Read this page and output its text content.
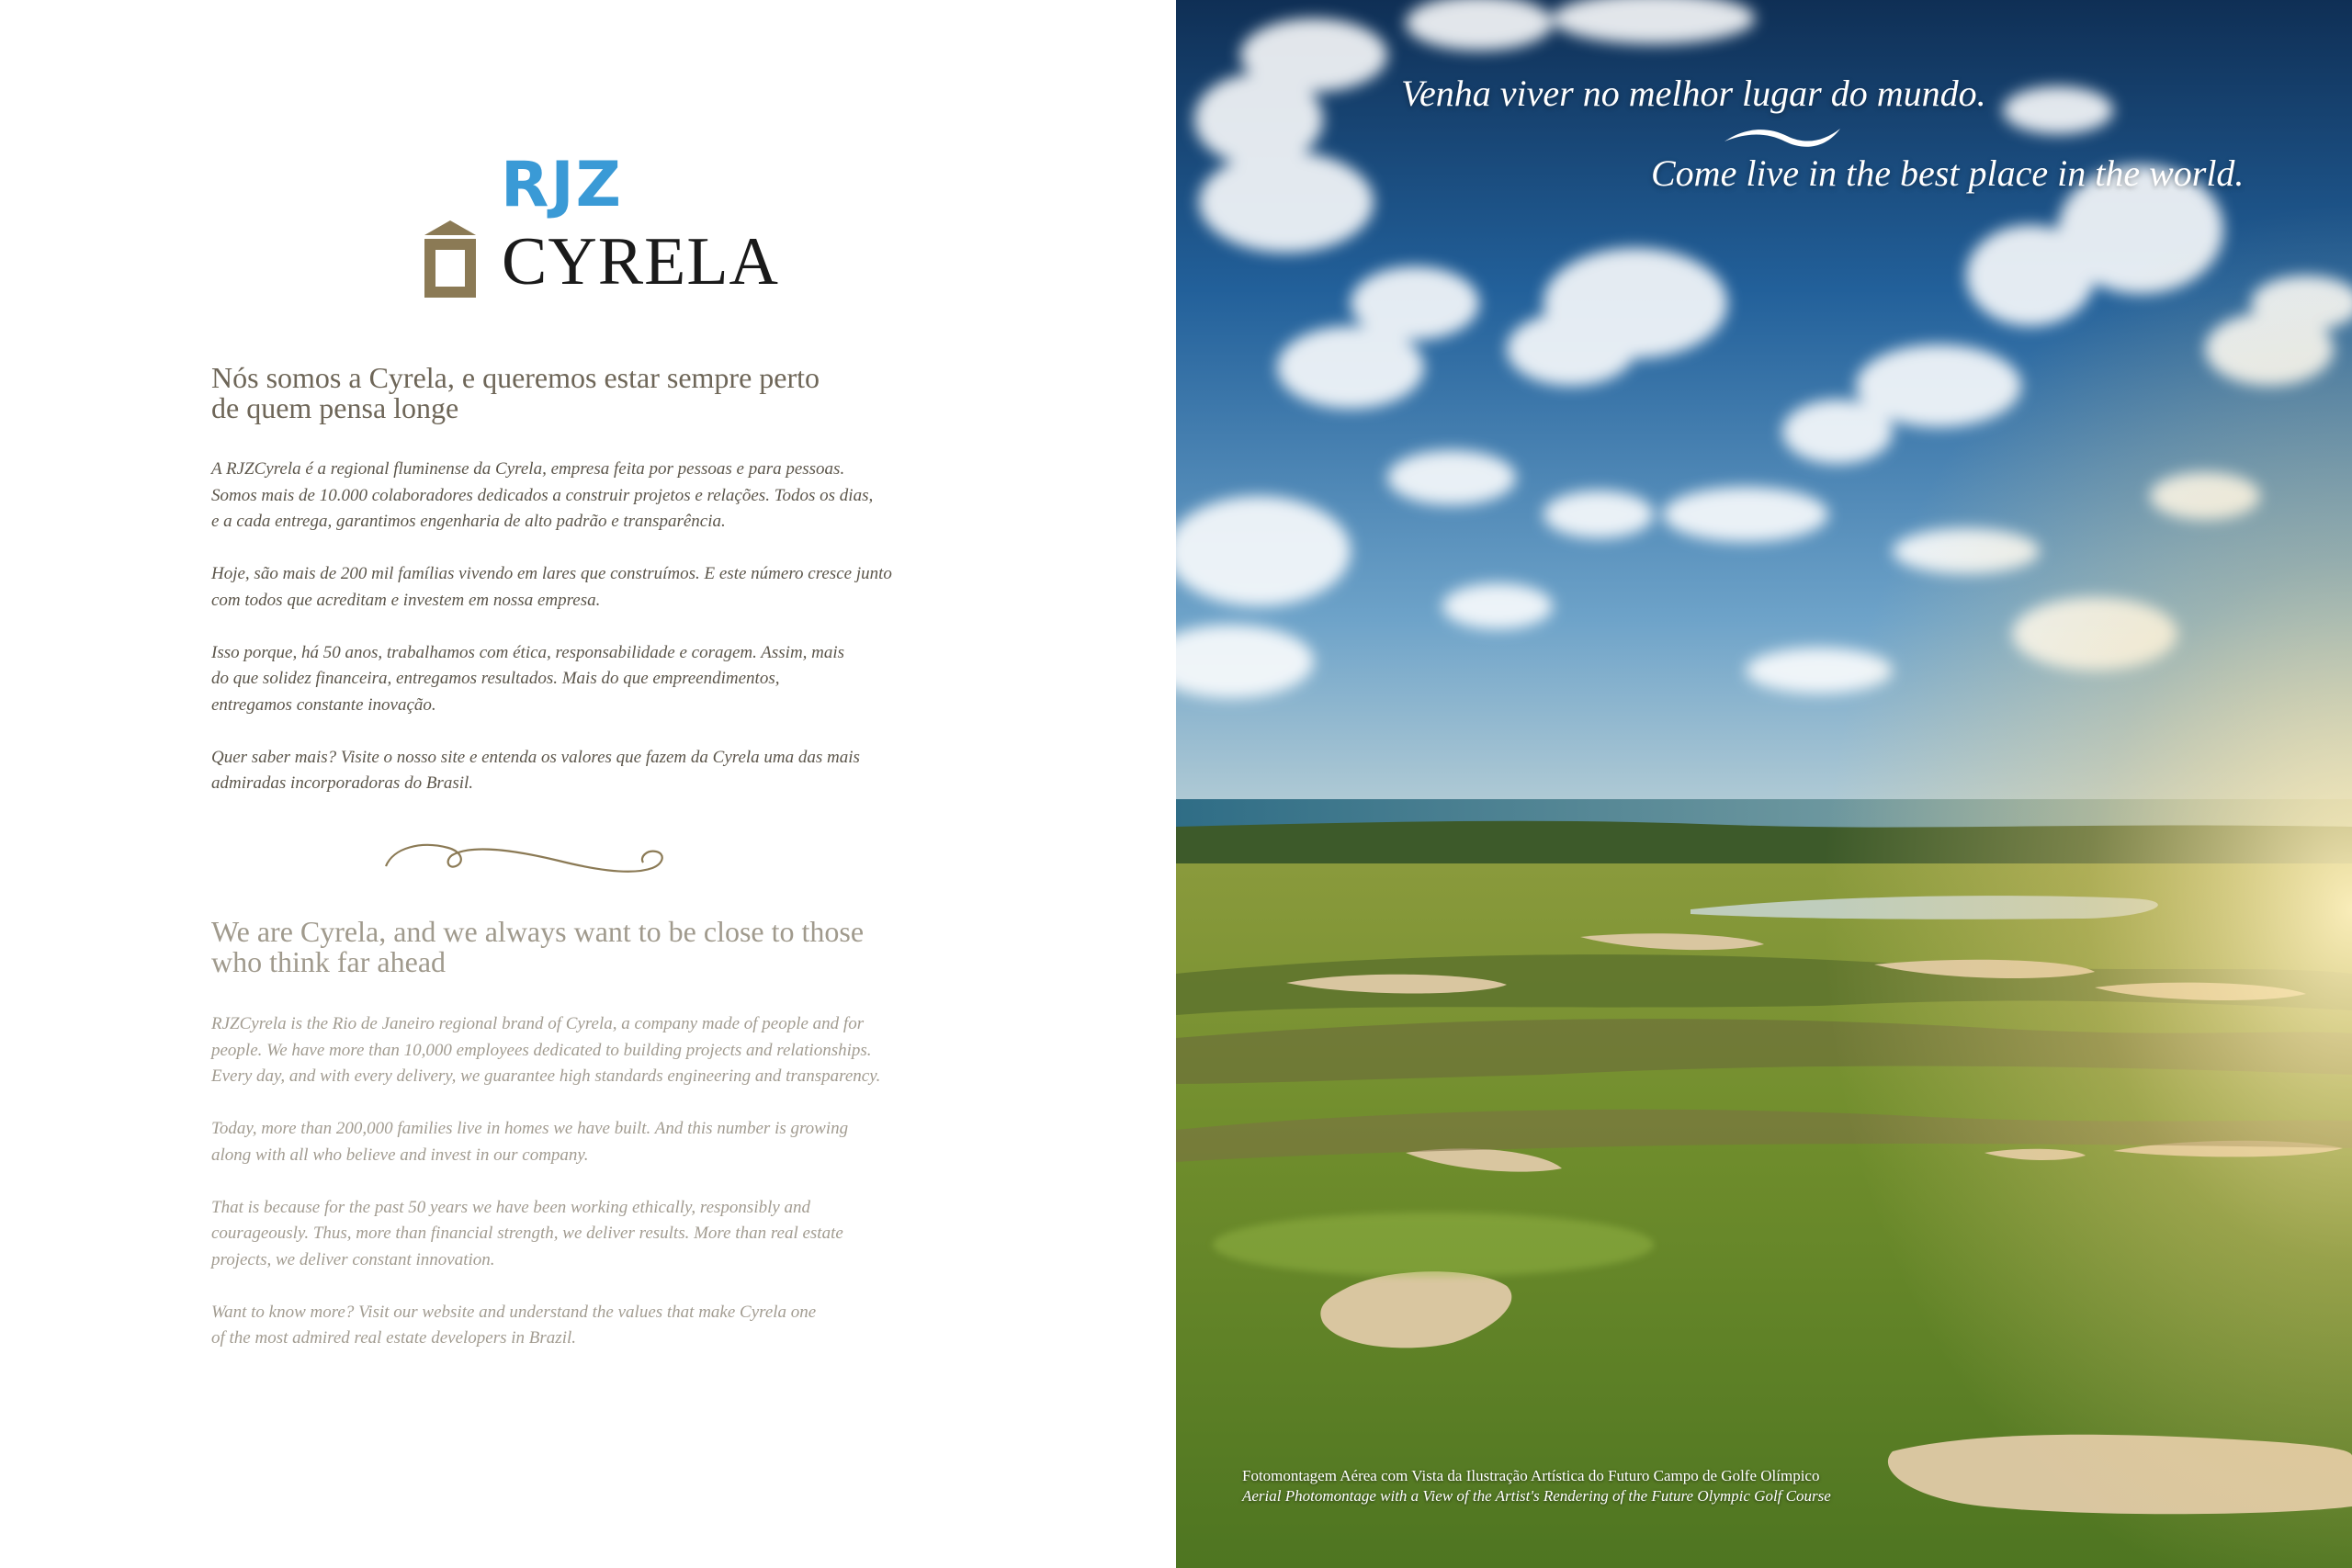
RJZ
CYRELA
Nós somos a Cyrela, e queremos estar sempre perto
de quem pensa longe

A RJZCyrela é a regional fluminense da Cyrela, empresa feita por pessoas e para pessoas.
Somos mais de 10.000 colaboradores dedicados a construir projetos e relações. Todos os dias,
e a cada entrega, garantimos engenharia de alto padrão e transparência.

Hoje, são mais de 200 mil famílias vivendo em lares que construímos. E este número cresce junto
com todos que acreditam e investem em nossa empresa.

Isso porque, há 50 anos, trabalhamos com ética, responsabilidade e coragem. Assim, mais
do que solidez financeira, entregamos resultados. Mais do que empreendimentos,
entregamos constante inovação.

Quer saber mais? Visite o nosso site e entenda os valores que fazem da Cyrela uma das mais
admiradas incorporadoras do Brasil.

We are Cyrela, and we always want to be close to those
who think far ahead

RJZCyrela is the Rio de Janeiro regional brand of Cyrela, a company made of people and for
people. We have more than 10,000 employees dedicated to building projects and relationships.
Every day, and with every delivery, we guarantee high standards engineering and transparency.

Today, more than 200,000 families live in homes we have built. And this number is growing
along with all who believe and invest in our company.

That is because for the past 50 years we have been working ethically, responsibly and
courageously. Thus, more than financial strength, we deliver results. More than real estate
projects, we deliver constant innovation.

Want to know more? Visit our website and understand the values that make Cyrela one
of the most admired real estate developers in Brazil.

Venha viver no melhor lugar do mundo.
Come live in the best place in the world.
Fotomontagem Aérea com Vista da Ilustração Artística do Futuro Campo de Golfe Olímpico
Aerial Photomontage with a View of the Artist's Rendering of the Future Olympic Golf Course
